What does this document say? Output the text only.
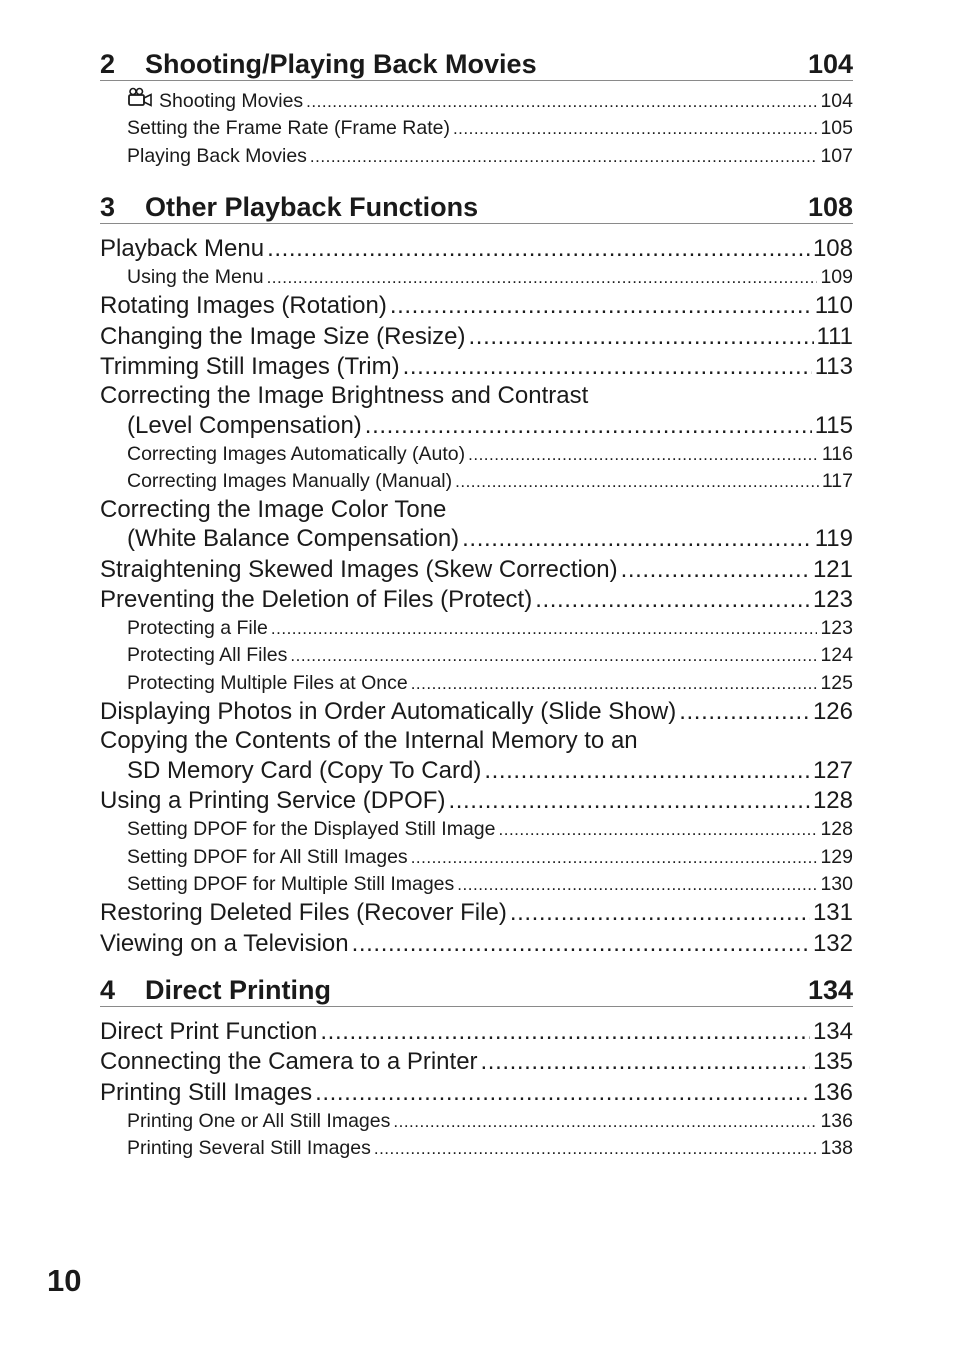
2 Shooting/Playing Back Movies	104
Shooting Movies .....	104
Setting the Frame Rate (Frame Rate) .....	105
Playing Back Movies .....	107
3 Other Playback Functions	108
Playback Menu .....	108
Using the Menu .....	109
Rotating Images (Rotation) .....	110
Changing the Image Size (Resize) .....	111
Trimming Still Images (Trim) .....	113
Correcting the Image Brightness and Contrast
(Level Compensation) .....	115
Correcting Images Automatically (Auto) .....	116
Correcting Images Manually (Manual) .....	117
Correcting the Image Color Tone
(White Balance Compensation) .....	119
Straightening Skewed Images (Skew Correction) .....	121
Preventing the Deletion of Files (Protect) .....	123
Protecting a File .....	123
Protecting All Files .....	124
Protecting Multiple Files at Once .....	125
Displaying Photos in Order Automatically (Slide Show) .....	126
Copying the Contents of the Internal Memory to an
SD Memory Card (Copy To Card) .....	127
Using a Printing Service (DPOF) .....	128
Setting DPOF for the Displayed Still Image .....	128
Setting DPOF for All Still Images .....	129
Setting DPOF for Multiple Still Images .....	130
Restoring Deleted Files (Recover File) .....	131
Viewing on a Television .....	132
4 Direct Printing	134
Direct Print Function .....	134
Connecting the Camera to a Printer .....	135
Printing Still Images .....	136
Printing One or All Still Images .....	136
Printing Several Still Images .....	138
10
